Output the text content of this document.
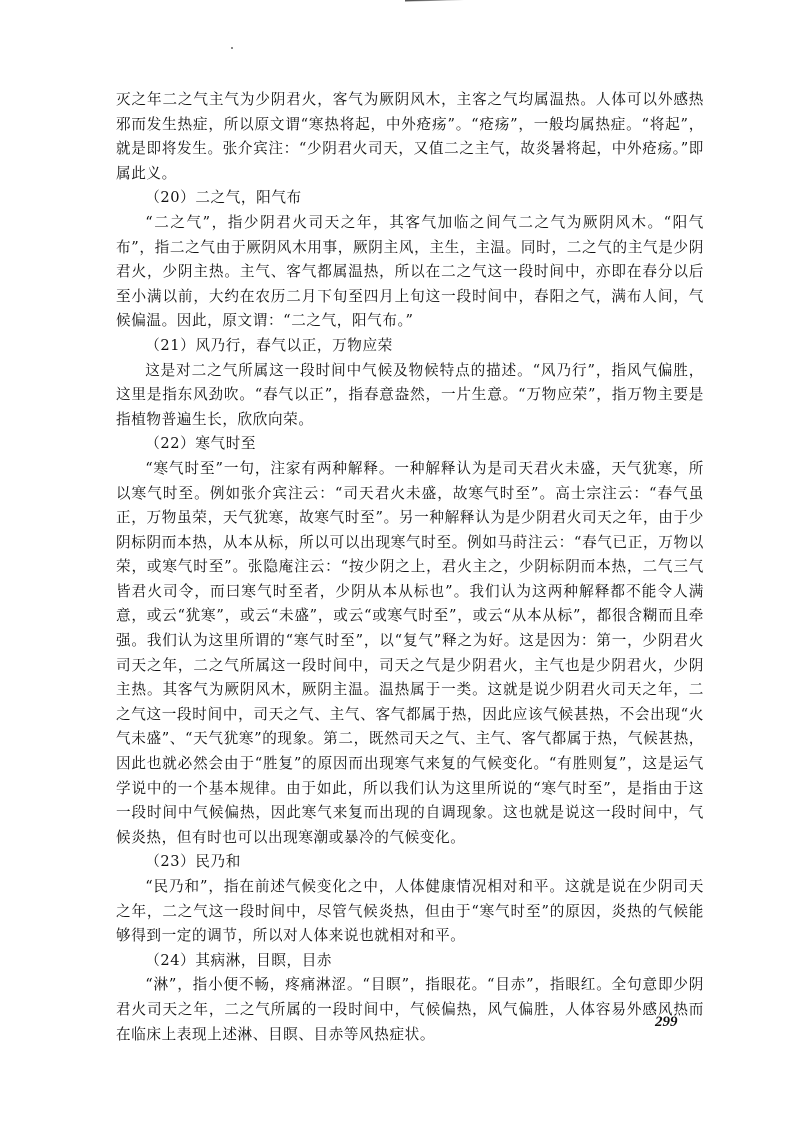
灭之年二之气主气为少阴君火，客气为厥阴风木，主客之气均属温热。人体可以外感热邪而发生热症，所以原文谓“寒热将起，中外疮疡”。“疮疡”，一般均属热症。“将起”，就是即将发生。张介宾注：“少阴君火司天，又值二之主气，故炎暑将起，中外疮疡。”即属此义。

（20）二之气，阳气布

“二之气”，指少阴君火司天之年，其客气加临之间气二之气为厥阴风木。“阳气布”，指二之气由于厥阴风木用事，厥阴主风，主生，主温。同时，二之气的主气是少阴君火，少阴主热。主气、客气都属温热，所以在二之气这一段时间中，亦即在春分以后至小满以前，大约在农历二月下旬至四月上旬这一段时间中，春阳之气，满布人间，气候偏温。因此，原文谓：“二之气，阳气布。”

（21）风乃行，春气以正，万物应荣

这是对二之气所属这一段时间中气候及物候特点的描述。“风乃行”，指风气偏胜，这里是指东风劲吹。“春气以正”，指春意盎然，一片生意。“万物应荣”，指万物主要是指植物普遍生长，欣欣向荣。

（22）寒气时至

“寒气时至”一句，注家有两种解释。一种解释认为是司天君火未盛，天气犹寒，所以寒气时至。例如张介宾注云：“司天君火未盛，故寒气时至”。高士宗注云：“春气虽正，万物虽荣，天气犹寒，故寒气时至”。另一种解释认为是少阴君火司天之年，由于少阴标阴而本热，从本从标，所以可以出现寒气时至。例如马莳注云：“春气已正，万物以荣，或寒气时至”。张隐庵注云：“按少阴之上，君火主之，少阴标阴而本热，二气三气皆君火司令，而曰寒气时至者，少阴从本从标也”。我们认为这两种解释都不能令人满意，或云“犹寒”，或云“未盛”，或云“或寒气时至”，或云“从本从标”，都很含糊而且牵强。我们认为这里所谓的“寒气时至”，以“复气”释之为好。这是因为：第一，少阴君火司天之年，二之气所属这一段时间中，司天之气是少阴君火，主气也是少阴君火，少阴主热。其客气为厥阴风木，厥阴主温。温热属于一类。这就是说少阴君火司天之年，二之气这一段时间中，司天之气、主气、客气都属于热，因此应该气候甚热，不会出现“火气未盛”、“天气犹寒”的现象。第二，既然司天之气、主气、客气都属于热，气候甚热，因此也就必然会由于“胜复”的原因而出现寒气来复的气候变化。“有胜则复”，这是运气学说中的一个基本规律。由于如此，所以我们认为这里所说的“寒气时至”，是指由于这一段时间中气候偏热，因此寒气来复而出现的自调现象。这也就是说这一段时间中，气候炎热，但有时也可以出现寒潮或暴冷的气候变化。

（23）民乃和

“民乃和”，指在前述气候变化之中，人体健康情况相对和平。这就是说在少阴司天之年，二之气这一段时间中，尽管气候炎热，但由于“寒气时至”的原因，炎热的气候能够得到一定的调节，所以对人体来说也就相对和平。

（24）其病淋，目瞑，目赤

“淋”，指小便不畅，疼痛淋涩。“目瞑”，指眼花。“目赤”，指眼红。全句意即少阴君火司天之年，二之气所属的一段时间中，气候偏热，风气偏胜，人体容易外感风热而在临床上表现上述淋、目瞑、目赤等风热症状。

299
